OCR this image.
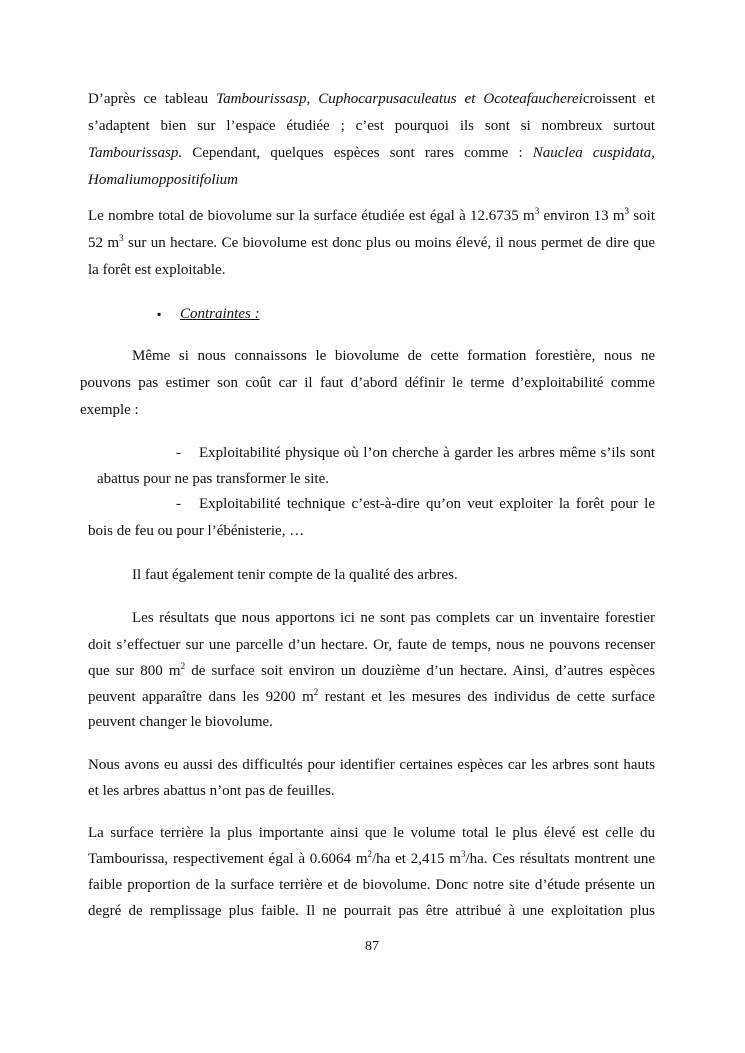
D’après ce tableau Tambourissasp, Cuphocarpusaculeatus et Ocoteafauchereicroissent et
s’adaptent bien sur l’espace étudiée ; c’est pourquoi ils sont si nombreux surtout
Tambourissasp. Cependant, quelques espèces sont rares comme : Nauclea cuspidata,
Homaliumoppositifolium
Le nombre total de biovolume sur la surface étudiée est égal à 12.6735 $m^3$ environ 13 $m^3$ soit
52 $m^3$ sur un hectare. Ce biovolume est donc plus ou moins élevé, il nous permet de dire que
la forêt est exploitable.
▪ Contraintes :
Même si nous connaissons le biovolume de cette formation forestière, nous ne
pouvons pas estimer son coût car il faut d’abord définir le terme d’exploitabilité comme
exemple :
- Exploitabilité physique où l’on cherche à garder les arbres même s’ils sont
abattus pour ne pas transformer le site.
- Exploitabilité technique c’est-à-dire qu’on veut exploiter la forêt pour le
bois de feu ou pour l’ébénisterie, …
Il faut également tenir compte de la qualité des arbres.
Les résultats que nous apportons ici ne sont pas complets car un inventaire forestier
doit s’effectuer sur une parcelle d’un hectare. Or, faute de temps, nous ne pouvons recenser
que sur 800 $m^2$ de surface soit environ un douzième d’un hectare. Ainsi, d’autres espèces
peuvent apparaître dans les 9200 $m^2$ restant et les mesures des individus de cette surface
peuvent changer le biovolume.
Nous avons eu aussi des difficultés pour identifier certaines espèces car les arbres sont hauts
et les arbres abattus n’ont pas de feuilles.
La surface terrière la plus importante ainsi que le volume total le plus élevé est celle du
Tambourissa, respectivement égal à 0.6064 $m^2/ha$ et 2,415 $m^3/ha$. Ces résultats montrent une
faible proportion de la surface terrière et de biovolume. Donc notre site d’étude présente un
degré de remplissage plus faible. Il ne pourrait pas être attribué à une exploitation plus
87
